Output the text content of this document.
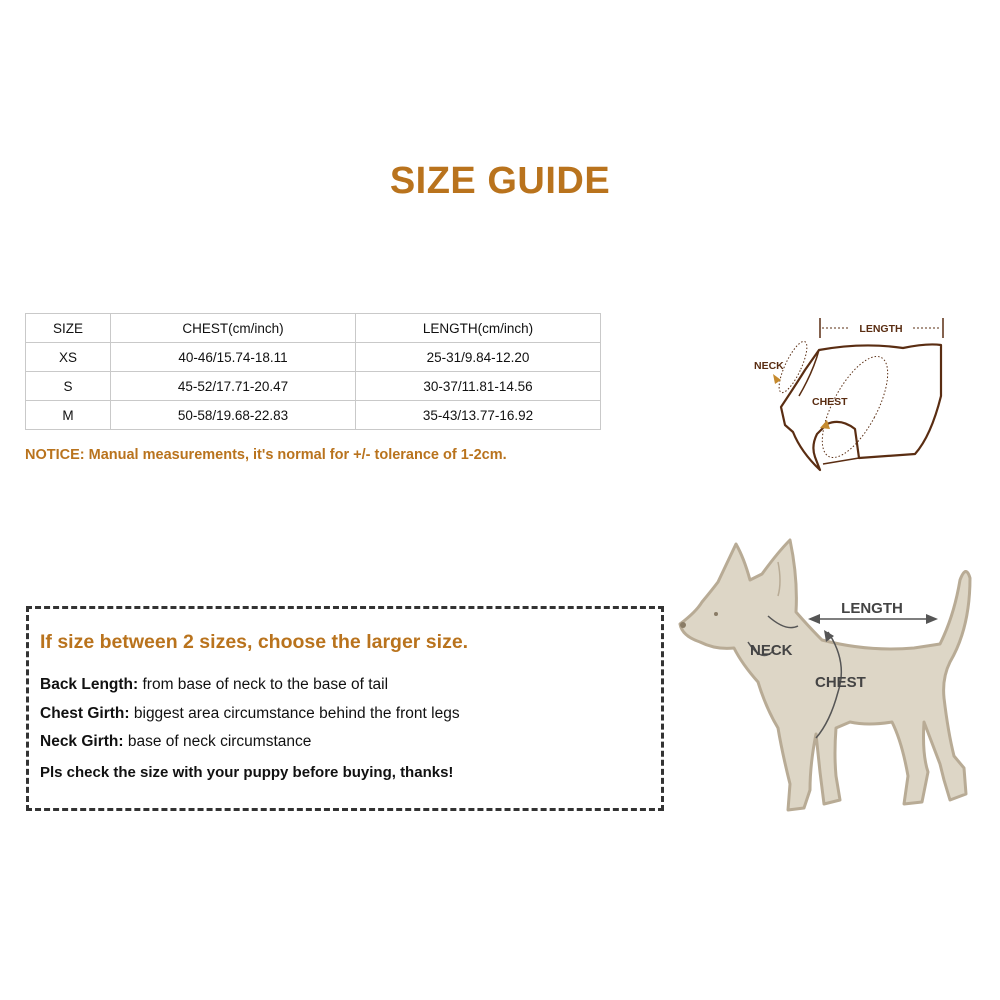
SIZE GUIDE
SIZE	CHEST(cm/inch)	LENGTH(cm/inch)
XS	40-46/15.74-18.11	25-31/9.84-12.20
S	45-52/17.71-20.47	30-37/11.81-14.56
M	50-58/19.68-22.83	35-43/13.77-16.92
NOTICE: Manual measurements, it's normal for +/- tolerance of 1-2cm.
LENGTH
NECK
CHEST
If size between 2 sizes, choose the larger size.
Back Length: from base of neck to the base of tail
Chest Girth: biggest area circumstance behind the front legs
Neck Girth: base of neck circumstance
Pls check the size with your puppy before buying, thanks!
LENGTH
NECK
CHEST
